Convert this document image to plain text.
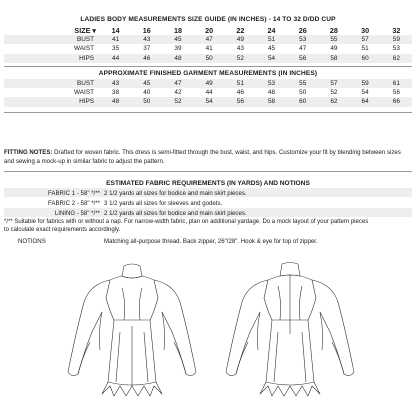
LADIES BODY MEASUREMENTS SIZE GUIDE (IN INCHES) - 14 TO 32 D/DD CUP
SIZE ▾	14	16	18	20	22	24	26	28	30	32
BUST	41	43	45	47	49	51	53	55	57	59
WAIST	35	37	39	41	43	45	47	49	51	53
HIPS	44	46	48	50	52	54	56	58	60	62
APPROXIMATE FINISHED GARMENT MEASUREMENTS (IN INCHES)
BUST	43	45	47	49	51	53	55	57	59	61
WAIST	38	40	42	44	46	48	50	52	54	56
HIPS	48	50	52	54	56	58	60	62	64	66
FITTING NOTES: Drafted for woven fabric. This dress is semi-fitted through the bust, waist, and hips. Customize your fit by blending between sizes and sewing a mock-up in similar fabric to adjust the pattern.
ESTIMATED FABRIC REQUIREMENTS (IN YARDS) AND NOTIONS
FABRIC 1 - 58" */** 2 1/2 yards all sizes for bodice and main skirt pieces.
FABRIC 2 - 58" */** 3 1/2 yards all sizes for sleeves and godets.
LINING - 58" */** 2 1/2 yards all sizes for bodice and main skirt pieces.
*/** Suitable for fabrics with or without a nap. For narrow-width fabric, plan on additional yardage. Do a mock layout of your pattern pieces
to calculate exact requirements accordingly.
NOTIONS	Matching all-purpose thread. Back zipper, 26"/28". Hook & eye for top of zipper.
